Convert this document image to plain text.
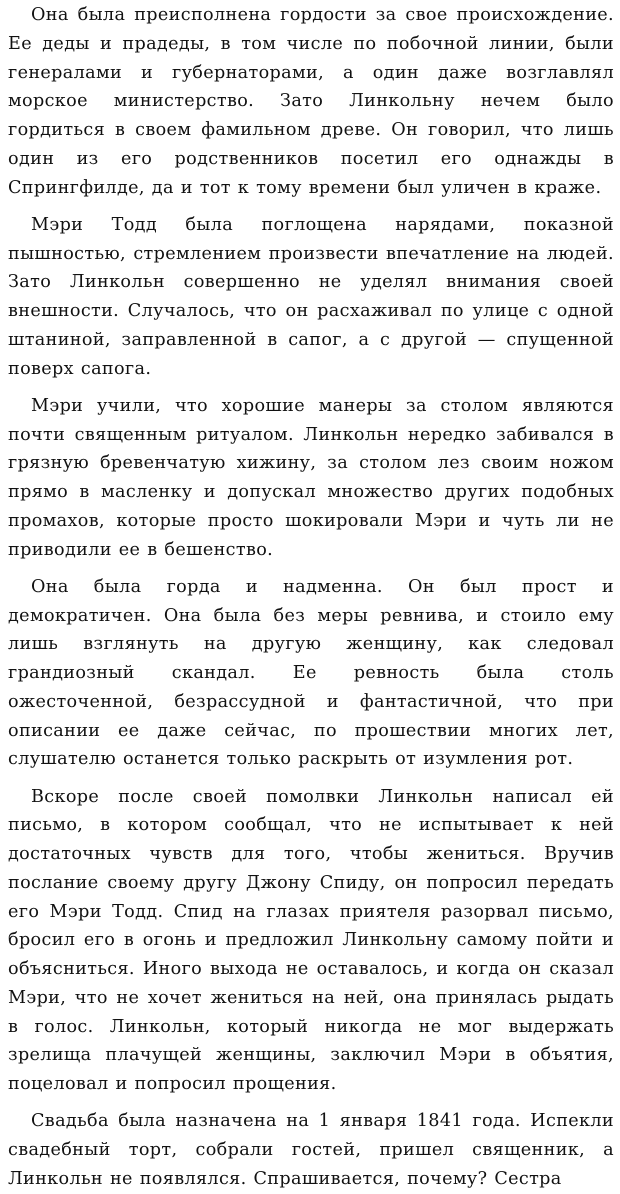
Она была преисполнена гордости за свое происхождение. Ее деды и прадеды, в том числе по побочной линии, были генералами и губернаторами, а один даже возглавлял морское министерство. Зато Линкольну нечем было гордиться в своем фамильном древе. Он говорил, что лишь один из его родственников посетил его однажды в Спрингфилде, да и тот к тому времени был уличен в краже.

Мэри Тодд была поглощена нарядами, показной пышностью, стремлением произвести впечатление на людей. Зато Линкольн совершенно не уделял внимания своей внешности. Случалось, что он расхаживал по улице с одной штаниной, заправленной в сапог, а с другой — спущенной поверх сапога.

Мэри учили, что хорошие манеры за столом являются почти священным ритуалом. Линкольн нередко забивался в грязную бревенчатую хижину, за столом лез своим ножом прямо в масленку и допускал множество других подобных промахов, которые просто шокировали Мэри и чуть ли не приводили ее в бешенство.

Она была горда и надменна. Он был прост и демократичен. Она была без меры ревнива, и стоило ему лишь взглянуть на другую женщину, как следовал грандиозный скандал. Ее ревность была столь ожесточенной, безрассудной и фантастичной, что при описании ее даже сейчас, по прошествии многих лет, слушателю останется только раскрыть от изумления рот.

Вскоре после своей помолвки Линкольн написал ей письмо, в котором сообщал, что не испытывает к ней достаточных чувств для того, чтобы жениться. Вручив послание своему другу Джону Спиду, он попросил передать его Мэри Тодд. Спид на глазах приятеля разорвал письмо, бросил его в огонь и предложил Линкольну самому пойти и объясниться. Иного выхода не оставалось, и когда он сказал Мэри, что не хочет жениться на ней, она принялась рыдать в голос. Линкольн, который никогда не мог выдержать зрелища плачущей женщины, заключил Мэри в объятия, поцеловал и попросил прощения.

Свадьба была назначена на 1 января 1841 года. Испекли свадебный торт, собрали гостей, пришел священник, а Линкольн не появлялся. Спрашивается, почему? Сестра
